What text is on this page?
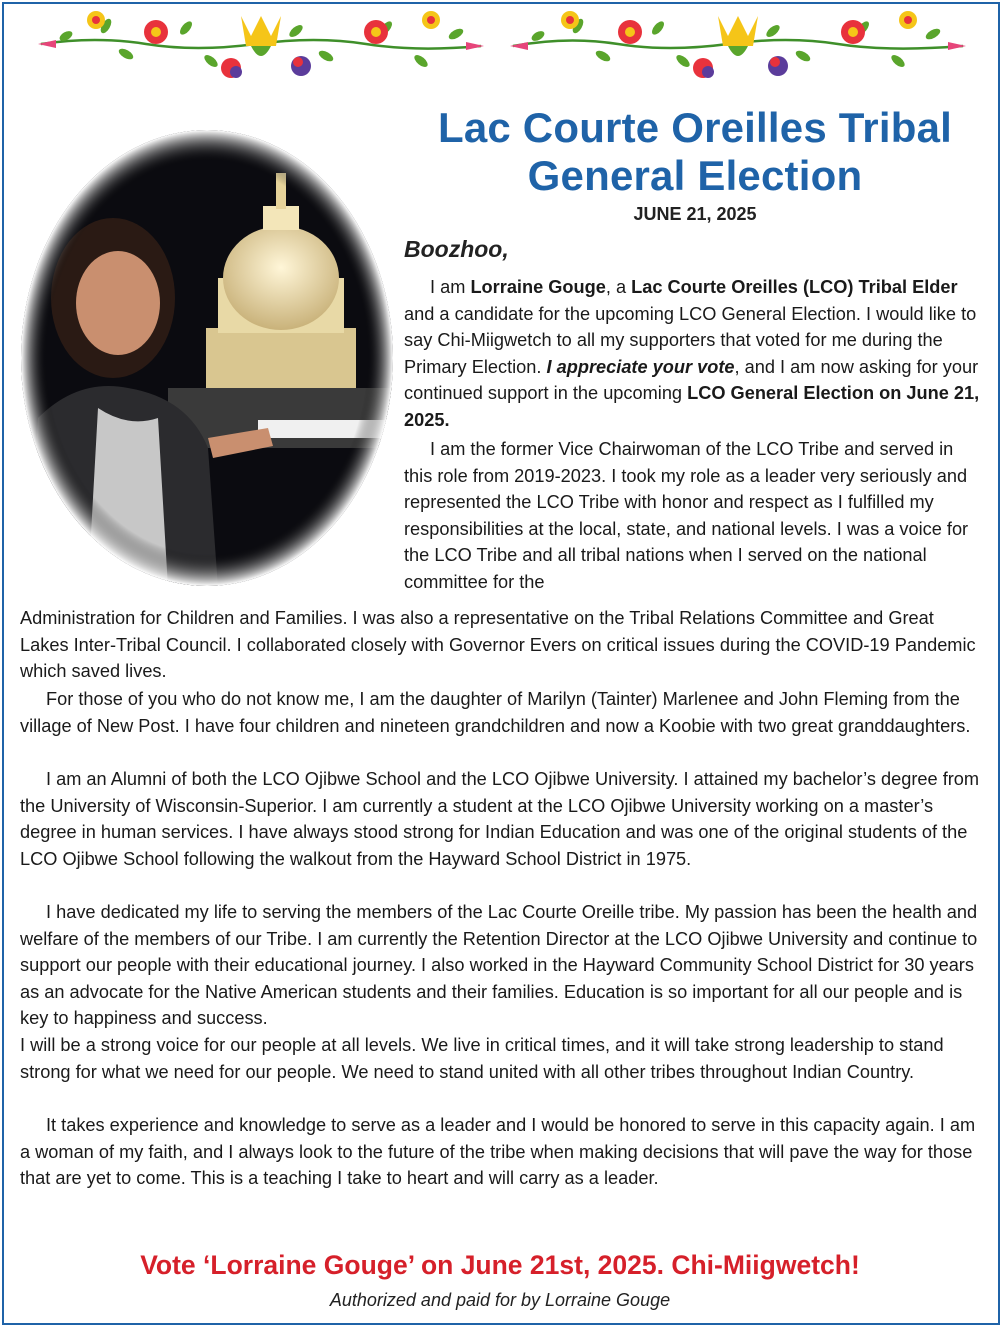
Lac Courte Oreilles Tribal General Election
JUNE 21, 2025
Boozhoo,

I am Lorraine Gouge, a Lac Courte Oreilles (LCO) Tribal Elder and a candidate for the upcoming LCO General Election. I would like to say Chi-Miigwetch to all my supporters that voted for me during the Primary Election. I appreciate your vote, and I am now asking for your continued support in the upcoming LCO General Election on June 21, 2025.

I am the former Vice Chairwoman of the LCO Tribe and served in this role from 2019-2023. I took my role as a leader very seriously and represented the LCO Tribe with honor and respect as I fulfilled my responsibilities at the local, state, and national levels. I was a voice for the LCO Tribe and all tribal nations when I served on the national committee for the

Administration for Children and Families. I was also a representative on the Tribal Relations Committee and Great Lakes Inter-Tribal Council. I collaborated closely with Governor Evers on critical issues during the COVID-19 Pandemic which saved lives.

For those of you who do not know me, I am the daughter of Marilyn (Tainter) Marlenee and John Fleming from the village of New Post. I have four children and nineteen grandchildren and now a Koobie with two great granddaughters.

I am an Alumni of both the LCO Ojibwe School and the LCO Ojibwe University. I attained my bachelor’s degree from the University of Wisconsin-Superior. I am currently a student at the LCO Ojibwe University working on a master’s degree in human services. I have always stood strong for Indian Education and was one of the original students of the LCO Ojibwe School following the walkout from the Hayward School District in 1975.

I have dedicated my life to serving the members of the Lac Courte Oreille tribe. My passion has been the health and welfare of the members of our Tribe. I am currently the Retention Director at the LCO Ojibwe University and continue to support our people with their educational journey. I also worked in the Hayward Community School District for 30 years as an advocate for the Native American students and their families. Education is so important for all our people and is key to happiness and success.

I will be a strong voice for our people at all levels. We live in critical times, and it will take strong leadership to stand strong for what we need for our people. We need to stand united with all other tribes throughout Indian Country.

It takes experience and knowledge to serve as a leader and I would be honored to serve in this capacity again. I am a woman of my faith, and I always look to the future of the tribe when making decisions that will pave the way for those that are yet to come. This is a teaching I take to heart and will carry as a leader.

Vote ‘Lorraine Gouge’ on June 21st, 2025. Chi-Miigwetch!
Authorized and paid for by Lorraine Gouge
